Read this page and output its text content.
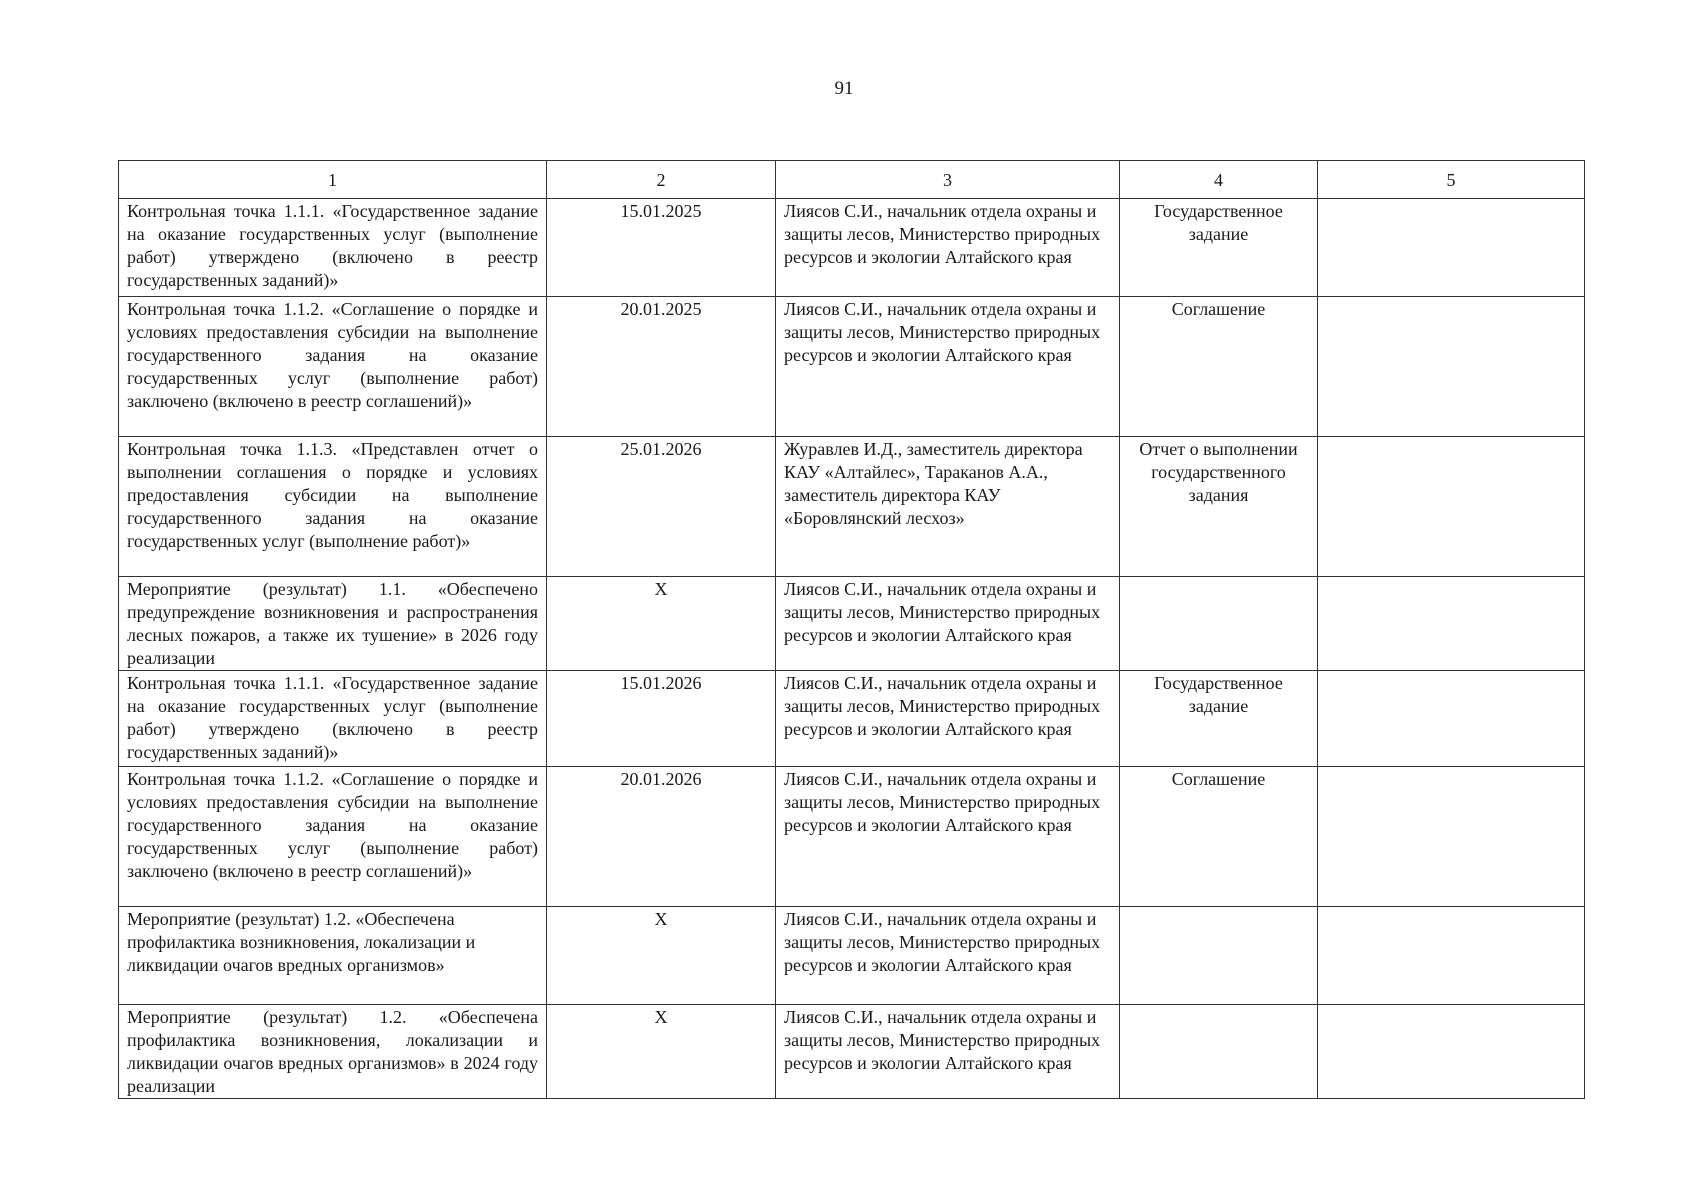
91
1	2	3	4	5
Контрольная точка 1.1.1. «Государственное задание на оказание государственных услуг (выполнение работ) утверждено (включено в реестр государственных заданий)»	15.01.2025	Лиясов С.И., начальник отдела охраны и защиты лесов, Министерство природных ресурсов и экологии Алтайского края	Государственное задание	
Контрольная точка 1.1.2. «Соглашение о порядке и условиях предоставления субсидии на выполнение государственного задания на оказание государственных услуг (выполнение работ) заключено (включено в реестр соглашений)»	20.01.2025	Лиясов С.И., начальник отдела охраны и защиты лесов, Министерство природных ресурсов и экологии Алтайского края	Соглашение	
Контрольная точка 1.1.3. «Представлен отчет о выполнении соглашения о порядке и условиях предоставления субсидии на выполнение государственного задания на оказание государственных услуг (выполнение работ)»	25.01.2026	Журавлев И.Д., заместитель директора КАУ «Алтайлес», Тараканов А.А., заместитель директора КАУ «Боровлянский лесхоз»	Отчет о выполнении государственного задания	
Мероприятие (результат) 1.1. «Обеспечено предупреждение возникновения и распространения лесных пожаров, а также их тушение» в 2026 году реализации	X	Лиясов С.И., начальник отдела охраны и защиты лесов, Министерство природных ресурсов и экологии Алтайского края		
Контрольная точка 1.1.1. «Государственное задание на оказание государственных услуг (выполнение работ) утверждено (включено в реестр государственных заданий)»	15.01.2026	Лиясов С.И., начальник отдела охраны и защиты лесов, Министерство природных ресурсов и экологии Алтайского края	Государственное задание	
Контрольная точка 1.1.2. «Соглашение о порядке и условиях предоставления субсидии на выполнение государственного задания на оказание государственных услуг (выполнение работ) заключено (включено в реестр соглашений)»	20.01.2026	Лиясов С.И., начальник отдела охраны и защиты лесов, Министерство природных ресурсов и экологии Алтайского края	Соглашение	
Мероприятие (результат) 1.2. «Обеспечена профилактика возникновения, локализации и ликвидации очагов вредных организмов»	X	Лиясов С.И., начальник отдела охраны и защиты лесов, Министерство природных ресурсов и экологии Алтайского края		
Мероприятие (результат) 1.2. «Обеспечена профилактика возникновения, локализации и ликвидации очагов вредных организмов» в 2024 году реализации	X	Лиясов С.И., начальник отдела охраны и защиты лесов, Министерство природных ресурсов и экологии Алтайского края		
